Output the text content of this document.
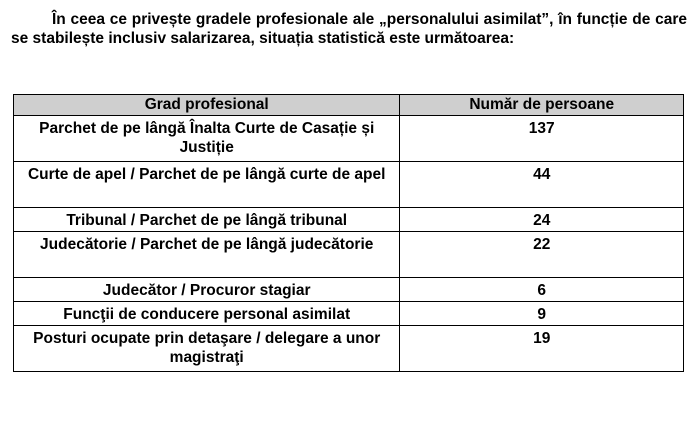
În ceea ce privește gradele profesionale ale „personalului asimilat”, în funcție de care se stabilește inclusiv salarizarea, situația statistică este următoarea:

Grad profesional	Număr de persoane
Parchet de pe lângă Înalta Curte de Casație și Justiție	137
Curte de apel / Parchet de pe lângă curte de apel	44
Tribunal / Parchet de pe lângă tribunal	24
Judecătorie / Parchet de pe lângă judecătorie	22
Judecător / Procuror stagiar	6
Funcţii de conducere personal asimilat	9
Posturi ocupate prin detaşare / delegare a unor magistraţi	19
